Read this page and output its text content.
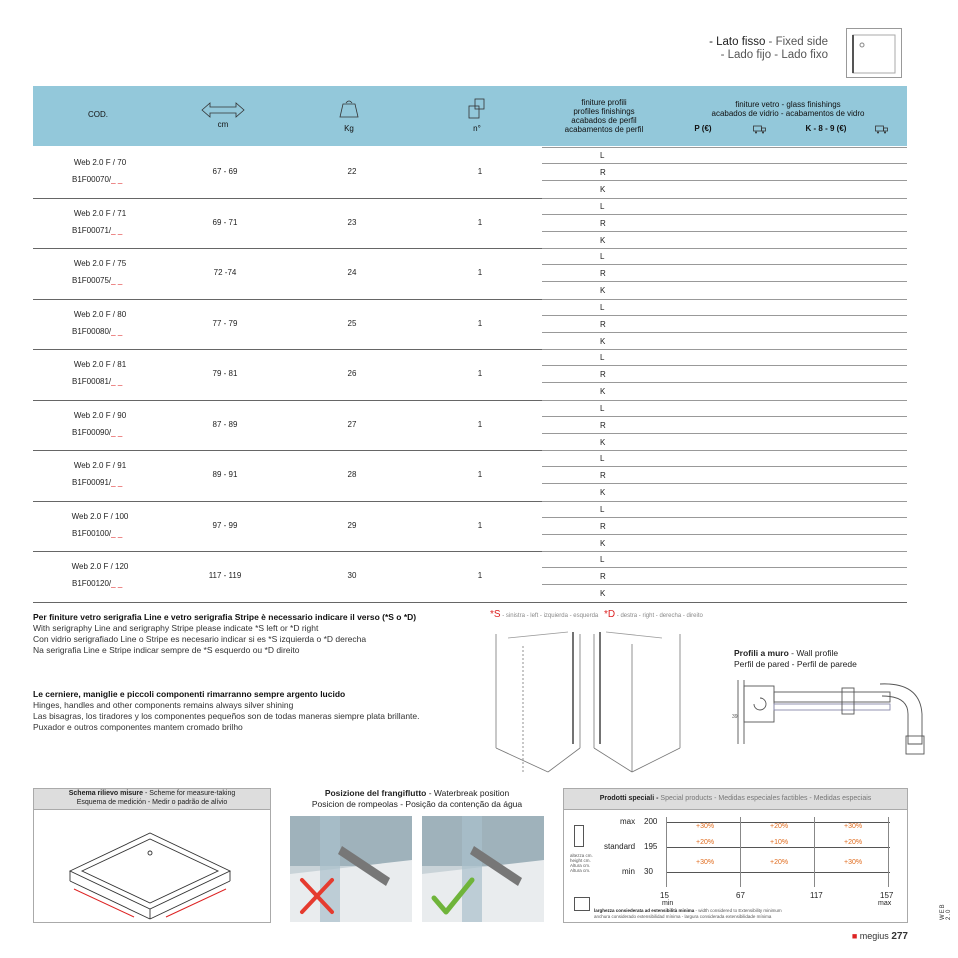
- Lato fisso - Fixed side
- Lado fijo - Lado fixo
COD.
cm	Kg	n°
finiture profili
profiles finishings
acabados de perfil
acabamentos de perfil
finiture vetro - glass finishings
acabados de vidrio - acabamentos de vidro
P (€)	K - 8 - 9 (€)
Web 2.0 F / 70
B1F00070/_ _
67 - 69	22	1
L
R
K
Web 2.0 F / 71
B1F00071/_ _
69 - 71	23	1
L
R
K
Web 2.0 F / 75
B1F00075/_ _
72 -74	24	1
L
R
K
Web 2.0 F / 80
B1F00080/_ _
77 - 79	25	1
L
R
K
Web 2.0 F / 81
B1F00081/_ _
79 - 81	26	1
L
R
K
Web 2.0 F / 90
B1F00090/_ _
87 - 89	27	1
L
R
K
Web 2.0 F / 91
B1F00091/_ _
89 - 91	28	1
L
R
K
Web 2.0 F / 100
B1F00100/_ _
97 - 99	29	1
L
R
K
Web 2.0 F / 120
B1F00120/_ _
117 - 119	30	1
L
R
K
Per finiture vetro serigrafia Line e vetro serigrafia Stripe è necessario indicare il verso (*S o *D)
With serigraphy Line and serigraphy Stripe please indicate *S left or *D right
Con vidrio serigrafiado Line o Stripe es necesario indicar si es *S izquierda o *D derecha
Na serigrafia Line e Stripe indicar sempre de *S esquerdo ou *D direito
Le cerniere, maniglie e piccoli componenti rimarranno sempre argento lucido
Hinges, handles and other components remains always silver shining
Las bisagras, los tiradores y los componentes pequeños son de todas maneras siempre plata brillante.
Puxador e outros componentes mantem cromado brilho
*S - sinistra - left - izquierda - esquerda *D - destra - right - derecha - direito
Profili a muro - Wall profile
Perfil de pared - Perfil de parede
39
Schema rilievo misure - Scheme for measure-taking
Esquema de medición - Medir o padrão de alívio
Posizione del frangiflutto - Waterbreak position
Posicion de rompeolas - Posição da contenção da água
Prodotti speciali - Special products - Medidas especiales factibles - Medidas especiais
altezza cm.
height cm.
Altura cm.
Altura cm.
max 200
standard 195
min 30
+30%	+20%	+30%
+20%	+10%	+20%
+30%	+20%	+30%
15	67	117	157
min	max
larghezza consiederata ad estensibilità minima - width considered to Extensibility minimum
anchura considerado extensibilidad mínima - largura considerada extensibilidade mínima
■ megius 277
WEB 2.0
